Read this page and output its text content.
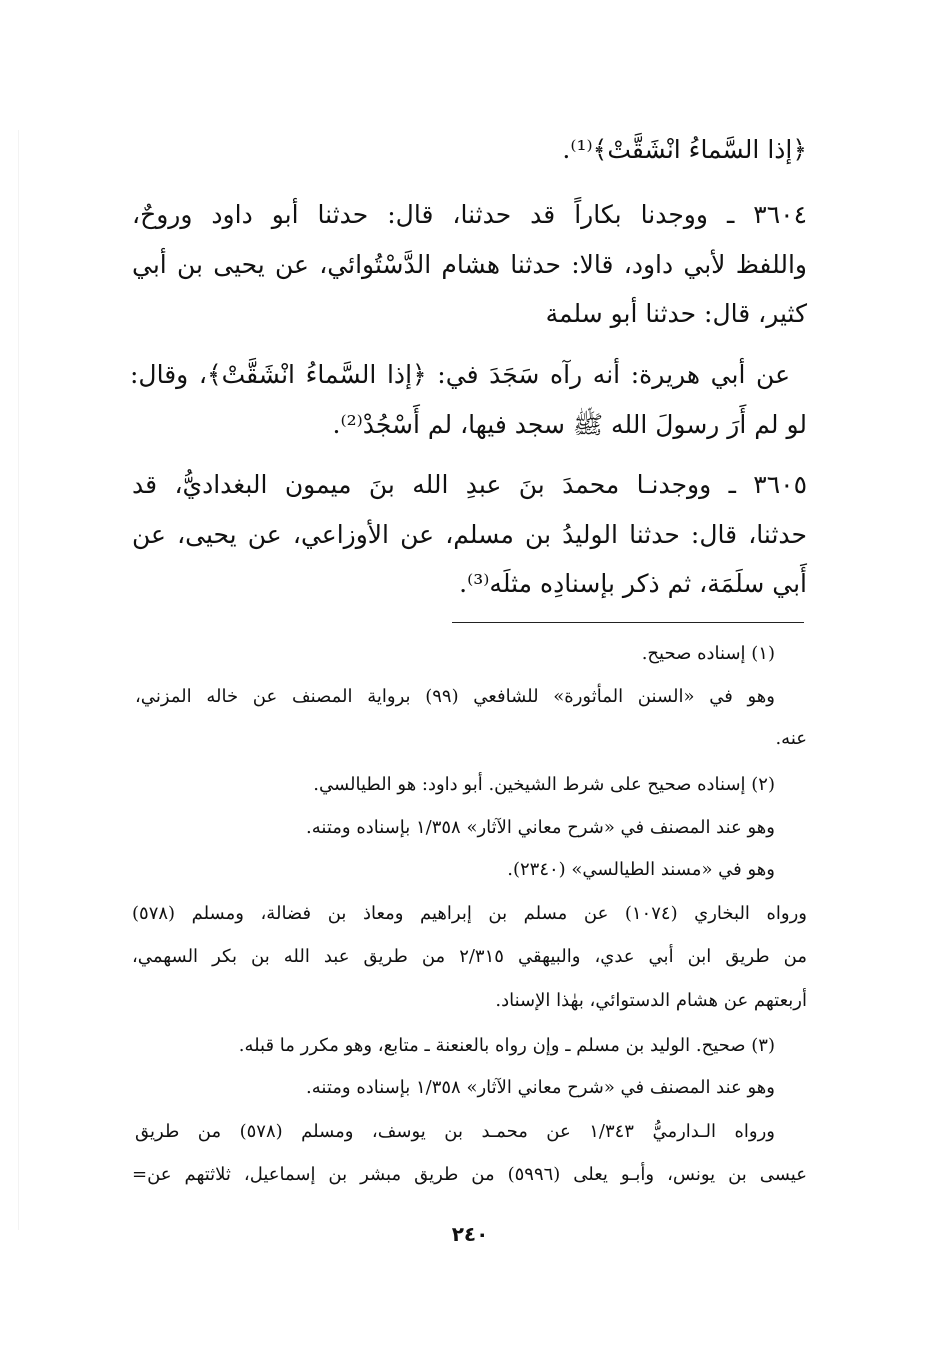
﴿إذا السَّماءُ انْشَقَّتْ﴾⁽¹⁾.
٣٦٠٤ ـ ووجدنا بكاراً قد حدثنا، قال: حدثنا أبو داود وروحٌ،
واللفظ لأبي داود، قالا: حدثنا هشام الدَّسْتُوائي، عن يحيى بن أبي
كثير، قال: حدثنا أبو سلمة
عن أبي هريرة: أنه رآه سَجَدَ في: ﴿إذا السَّماءُ انْشَقَّتْ﴾، وقال:
لو لم أَرَ رسولَ الله ﷺ سجد فيها، لم أَسْجُدْ⁽²⁾.
٣٦٠٥ ـ ووجدنـا محمدَ بنَ عبدِ الله بنَ ميمون البغداديُّ، قد
حدثنا، قال: حدثنا الوليدُ بن مسلم، عن الأوزاعي، عن يحيى، عن
أَبي سلَمَة، ثم ذكر بإسنادِه مثلَه⁽³⁾.
(١) إسناده صحيح.
وهو في «السنن المأثورة» للشافعي (٩٩) برواية المصنف عن خاله المزني،
عنه.
(٢) إسناده صحيح على شرط الشيخين. أبو داود: هو الطيالسي.
وهو عند المصنف في «شرح معاني الآثار» ١/٣٥٨ بإسناده ومتنه.
وهو في «مسند الطيالسي» (٢٣٤٠).
ورواه البخاري (١٠٧٤) عن مسلم بن إبراهيم ومعاذ بن فضالة، ومسلم (٥٧٨)
من طريق ابن أبي عدي، والبيهقي ٢/٣١٥ من طريق عبد الله بن بكر السهمي،
أربعتهم عن هشام الدستوائي، بهٰذا الإسناد.
(٣) صحيح. الوليد بن مسلم ـ وإن رواه بالعنعنة ـ متابع، وهو مكرر ما قبله.
وهو عند المصنف في «شرح معاني الآثار» ١/٣٥٨ بإسناده ومتنه.
ورواه الـدارميُّ ١/٣٤٣ عن محمـد بن يوسف، ومسلم (٥٧٨) من طريق
عيسى بن يونس، وأبـو يعلى (٥٩٩٦) من طريق مبشر بن إسماعيل، ثلاثتهم عن=
٢٤٠
